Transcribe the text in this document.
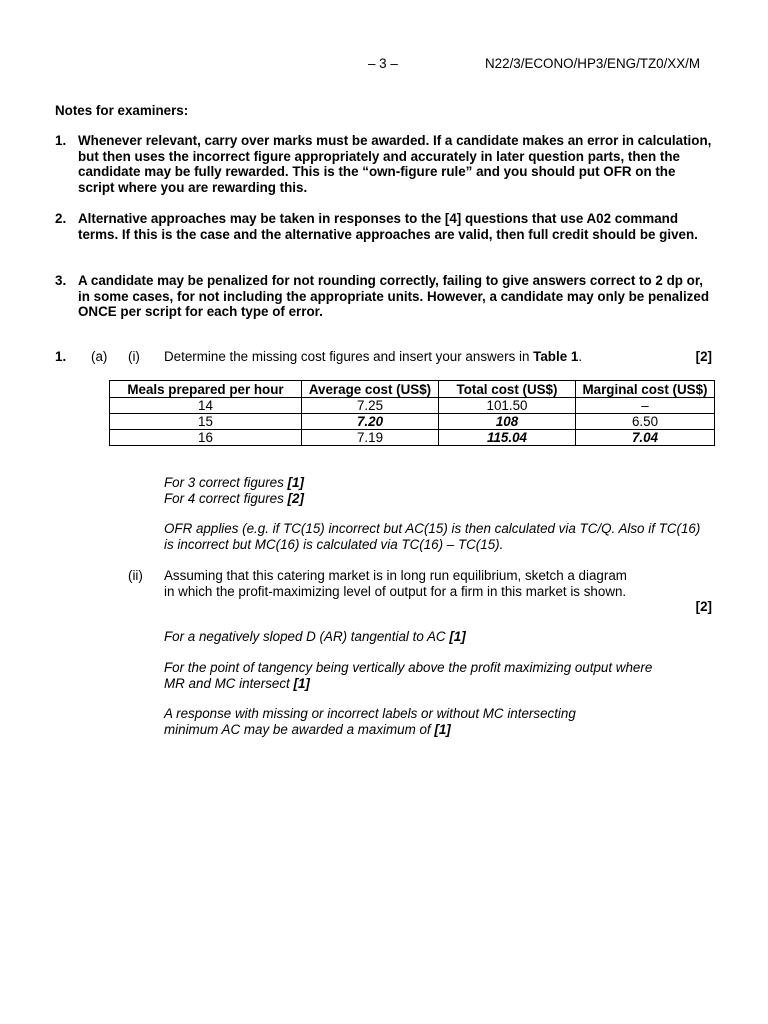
– 3 –	N22/3/ECONO/HP3/ENG/TZ0/XX/M
Notes for examiners:
1. Whenever relevant, carry over marks must be awarded. If a candidate makes an error in calculation, but then uses the incorrect figure appropriately and accurately in later question parts, then the candidate may be fully rewarded. This is the “own-figure rule” and you should put OFR on the script where you are rewarding this.
2. Alternative approaches may be taken in responses to the [4] questions that use A02 command terms. If this is the case and the alternative approaches are valid, then full credit should be given.
3. A candidate may be penalized for not rounding correctly, failing to give answers correct to 2 dp or, in some cases, for not including the appropriate units. However, a candidate may only be penalized ONCE per script for each type of error.
1. (a) (i) Determine the missing cost figures and insert your answers in Table 1.	[2]
Meals prepared per hour	Average cost (US$)	Total cost (US$)	Marginal cost (US$)
14	7.25	101.50	–
15	7.20	108	6.50
16	7.19	115.04	7.04
For 3 correct figures [1]
For 4 correct figures [2]
OFR applies (e.g. if TC(15) incorrect but AC(15) is then calculated via TC/Q. Also if TC(16) is incorrect but MC(16) is calculated via TC(16) – TC(15).
(ii) Assuming that this catering market is in long run equilibrium, sketch a diagram in which the profit-maximizing level of output for a firm in this market is shown.
[2]
For a negatively sloped D (AR) tangential to AC [1]
For the point of tangency being vertically above the profit maximizing output where MR and MC intersect [1]
A response with missing or incorrect labels or without MC intersecting minimum AC may be awarded a maximum of [1]
